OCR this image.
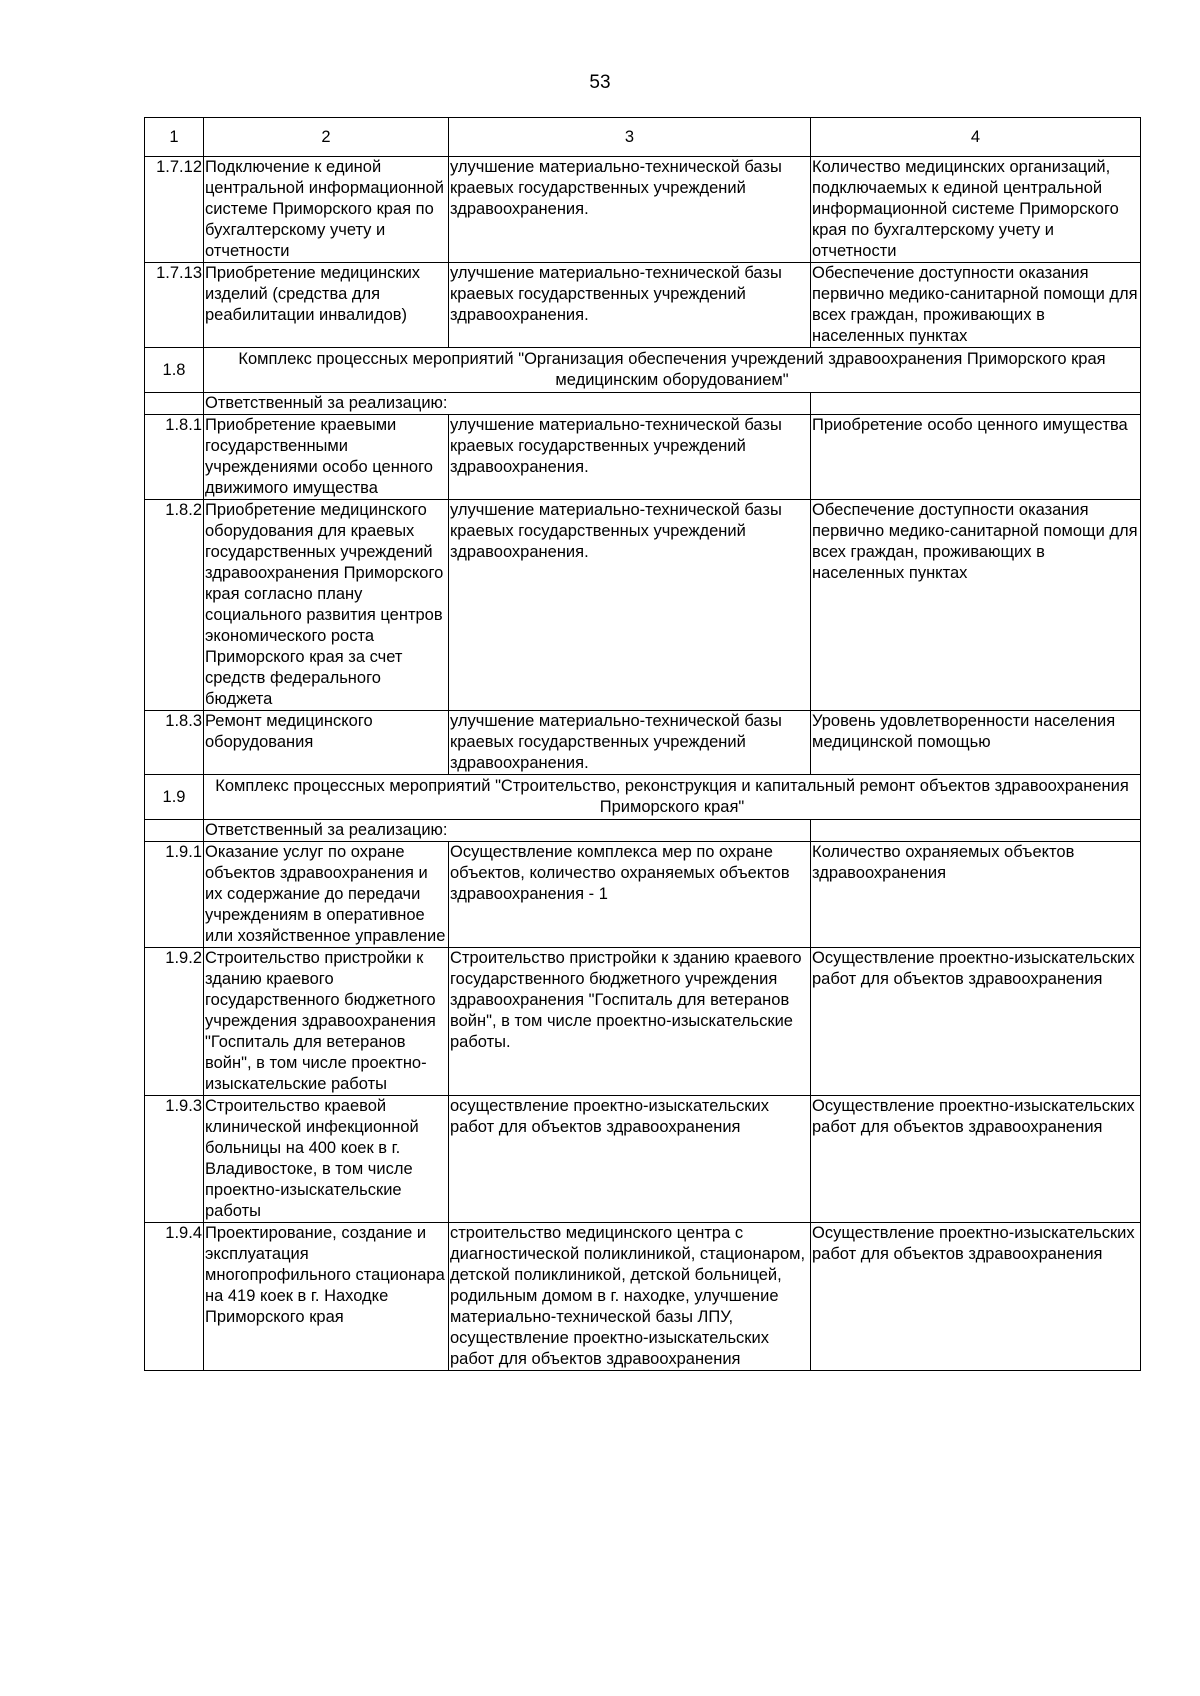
53
1	2	3	4
1.7.12	Подключение к единой центральной информационной системе Приморского края по бухгалтерскому учету и отчетности	улучшение материально-технической базы краевых государственных учреждений здравоохранения.	Количество медицинских организаций, подключаемых к единой центральной информационной системе Приморского края по бухгалтерскому учету и отчетности
1.7.13	Приобретение медицинских изделий (средства для реабилитации инвалидов)	улучшение материально-технической базы краевых государственных учреждений здравоохранения.	Обеспечение доступности оказания первично медико-санитарной помощи для всех граждан, проживающих в населенных пунктах
1.8	Комплекс процессных мероприятий "Организация обеспечения учреждений здравоохранения Приморского края медицинским оборудованием"		
	Ответственный за реализацию:		
1.8.1	Приобретение краевыми государственными учреждениями особо ценного движимого имущества	улучшение материально-технической базы краевых государственных учреждений здравоохранения.	Приобретение особо ценного имущества
1.8.2	Приобретение медицинского оборудования для краевых государственных учреждений здравоохранения Приморского края согласно плану социального развития центров экономического роста Приморского края за счет средств федерального бюджета	улучшение материально-технической базы краевых государственных учреждений здравоохранения.	Обеспечение доступности оказания первично медико-санитарной помощи для всех граждан, проживающих в населенных пунктах
1.8.3	Ремонт медицинского оборудования	улучшение материально-технической базы краевых государственных учреждений здравоохранения.	Уровень удовлетворенности населения медицинской помощью
1.9	Комплекс процессных мероприятий "Строительство, реконструкция и капитальный ремонт объектов здравоохранения Приморского края"		
	Ответственный за реализацию:		
1.9.1	Оказание услуг по охране объектов здравоохранения и их содержание до передачи учреждениям в оперативное или хозяйственное управление	Осуществление комплекса мер по охране объектов, количество охраняемых объектов здравоохранения - 1	Количество охраняемых объектов здравоохранения
1.9.2	Строительство пристройки к зданию краевого государственного бюджетного учреждения здравоохранения "Госпиталь для ветеранов войн", в том числе проектно-изыскательские работы	Строительство пристройки к зданию краевого государственного бюджетного учреждения здравоохранения "Госпиталь для ветеранов войн", в том числе проектно-изыскательские работы.	Осуществление проектно-изыскательских работ для объектов здравоохранения
1.9.3	Строительство краевой клинической инфекционной больницы на 400 коек в г. Владивостоке, в том числе проектно-изыскательские работы	осуществление проектно-изыскательских работ для объектов здравоохранения	Осуществление проектно-изыскательских работ для объектов здравоохранения
1.9.4	Проектирование, создание и эксплуатация многопрофильного стационара на 419 коек в г. Находке Приморского края	строительство медицинского центра с диагностической поликлиникой, стационаром, детской поликлиникой, детской больницей, родильным домом в г. находке, улучшение материально-технической базы ЛПУ, осуществление проектно-изыскательских работ для объектов здравоохранения	Осуществление проектно-изыскательских работ для объектов здравоохранения
